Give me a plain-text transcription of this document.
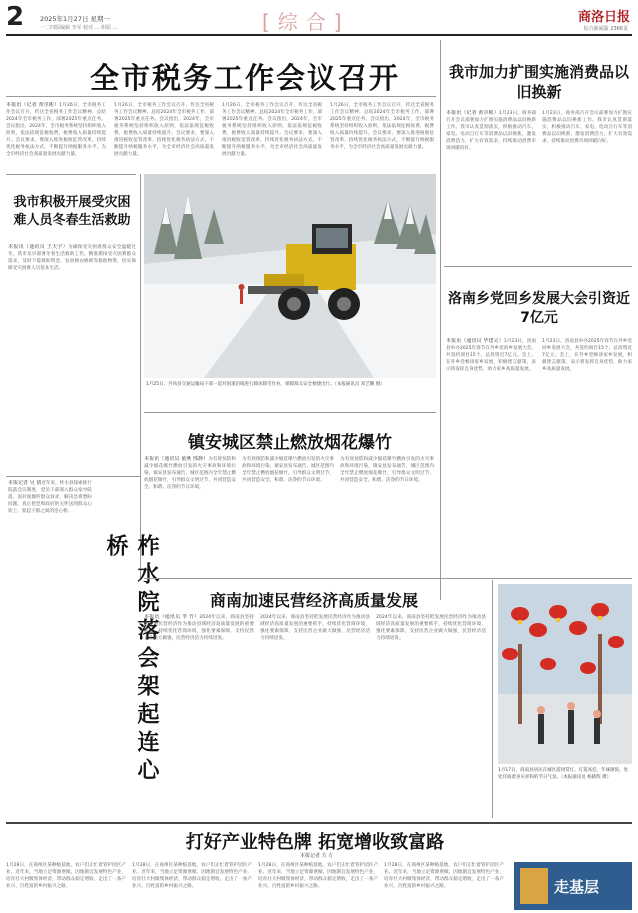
2 2025年1月27日 星期一
一二四版编辑 李军 校对 ... 组版 ...	[综合]	商洛日报
综合新闻版 2366页
全市税务工作会议召开
本报讯（记者 黄卓彬）1月26日，全市税务工作会议召开，传达全省税务工作会议精神，总结2024年全市税务工作，部署2025年重点任务。会议指出，2024年，全市税务系统坚持组织收入原则，依法依规征税收费，税费收入质量持续提升。会议要求，要深入推进税收征管改革，持续优化税务执法方式，不断提升纳税服务水平，为全市经济社会高质量发展贡献力量。
1月26日，全市税务工作会议召开，传达全省税务工作会议精神，总结2024年全市税务工作，部署2025年重点任务。会议指出，2024年，全市税务系统坚持组织收入原则，依法依规征税收费，税费收入质量持续提升。会议要求，要深入推进税收征管改革，持续优化税务执法方式，不断提升纳税服务水平，为全市经济社会高质量发展贡献力量。
1月26日，全市税务工作会议召开，传达全省税务工作会议精神，总结2024年全市税务工作，部署2025年重点任务。会议指出，2024年，全市税务系统坚持组织收入原则，依法依规征税收费，税费收入质量持续提升。会议要求，要深入推进税收征管改革，持续优化税务执法方式，不断提升纳税服务水平，为全市经济社会高质量发展贡献力量。
1月26日，全市税务工作会议召开，传达全省税务工作会议精神，总结2024年全市税务工作，部署2025年重点任务。会议指出，2024年，全市税务系统坚持组织收入原则，依法依规征税收费，税费收入质量持续提升。会议要求，要深入推进税收征管改革，持续优化税务执法方式，不断提升纳税服务水平，为全市经济社会高质量发展贡献力量。
我市加力扩围实施消费品以旧换新
本报讯（记者 黄卓彬）1月23日，商务部召开会议部署加力扩围实施消费品以旧换新工作。我市认真贯彻落实，积极推动汽车、家电、电动自行车等消费品以旧换新，激发消费活力，扩大有效需求，持续推动消费市场回暖向好。
1月23日，商务部召开会议部署加力扩围实施消费品以旧换新工作。我市认真贯彻落实，积极推动汽车、家电、电动自行车等消费品以旧换新，激发消费活力，扩大有效需求，持续推动消费市场回暖向好。
洛南乡党回乡发展大会引资近7亿元
本报讯（通讯员 毕建灵）1月23日，洛南县举办2025年春节在外乡党回乡发展大会，共签约项目15个，总投资近7亿元。会上，在外乡党畅谈家乡发展，积极建言献策，表示将发挥自身优势，助力家乡高质量发展。
1月23日，洛南县举办2025年春节在外乡党回乡发展大会，共签约项目15个，总投资近7亿元。会上，在外乡党畅谈家乡发展，积极建言献策，表示将发挥自身优势，助力家乡高质量发展。
我市积极开展受灾困难人员冬春生活救助
本报讯（通讯员 王天宇）为确保受灾困难群众安全温暖过冬，我市及早部署冬春生活救助工作，精准摸排受灾困难群众需求，及时下拨救助资金，发放棉衣棉被等救助物资，切实保障受灾困难人员基本生活。
1月25日，丹凤县交通运输局干部一起对国道沿线进行除冰除雪作业，保障群众安全便捷出行。（本报通讯员 邓艺鹏 摄）
镇安城区禁止燃放烟花爆竹
本报讯（通讯员 童燕 邢静）为有效预防和减少烟花爆竹燃放引发的火灾事故和环境污染，镇安县发布通告，城区范围内全年禁止燃放烟花爆竹，引导群众文明过节，共同营造安全、和谐、洁净的节日环境。
为有效预防和减少烟花爆竹燃放引发的火灾事故和环境污染，镇安县发布通告，城区范围内全年禁止燃放烟花爆竹，引导群众文明过节，共同营造安全、和谐、洁净的节日环境。
为有效预防和减少烟花爆竹燃放引发的火灾事故和环境污染，镇安县发布通告，城区范围内全年禁止燃放烟花爆竹，引导群众文明过节，共同营造安全、和谐、洁净的节日环境。
本报记者 吴 倩近年来，柞水县探索推行院落会议制度，党员干部深入群众家中院落，面对面倾听群众诉求，解决急难愁盼问题，真正把党和政府的关怀送到群众心坎上，架起干群之间的连心桥。
柞水院落会架起连心桥
商南加速民营经济高质量发展
本报讯（通讯员 李 竹）2024年以来，商南县坚持把发展民营经济作为推动县域经济高质量发展的重要抓手，持续优化营商环境，强化要素保障，支持民营企业做大做强，民营经济活力持续迸发。
2024年以来，商南县坚持把发展民营经济作为推动县域经济高质量发展的重要抓手，持续优化营商环境，强化要素保障，支持民营企业做大做强，民营经济活力持续迸发。
2024年以来，商南县坚持把发展民营经济作为推动县域经济高质量发展的重要抓手，持续优化营商环境，强化要素保障，支持民营企业做大做强，民营经济活力持续迸发。
1月17日，商南县居民在城区游园赏灯。灯笼高挂，年味渐浓，处处洋溢着喜庆祥和的节日气氛。（本报通讯员 杨晓辉 摄）
打好产业特色牌 拓宽增收致富路
本报记者 方 方
1月28日，在商州区某种植基地，农户们正忙着管护园区产业。近年来，当地立足资源禀赋，因地制宜发展特色产业，培育壮大村级集体经济，带动群众稳定增收，走出了一条产业兴、百姓富的乡村振兴之路。
1月28日，在商州区某种植基地，农户们正忙着管护园区产业。近年来，当地立足资源禀赋，因地制宜发展特色产业，培育壮大村级集体经济，带动群众稳定增收，走出了一条产业兴、百姓富的乡村振兴之路。
1月28日，在商州区某种植基地，农户们正忙着管护园区产业。近年来，当地立足资源禀赋，因地制宜发展特色产业，培育壮大村级集体经济，带动群众稳定增收，走出了一条产业兴、百姓富的乡村振兴之路。
1月28日，在商州区某种植基地，农户们正忙着管护园区产业。近年来，当地立足资源禀赋，因地制宜发展特色产业，培育壮大村级集体经济，带动群众稳定增收，走出了一条产业兴、百姓富的乡村振兴之路。	走基层
